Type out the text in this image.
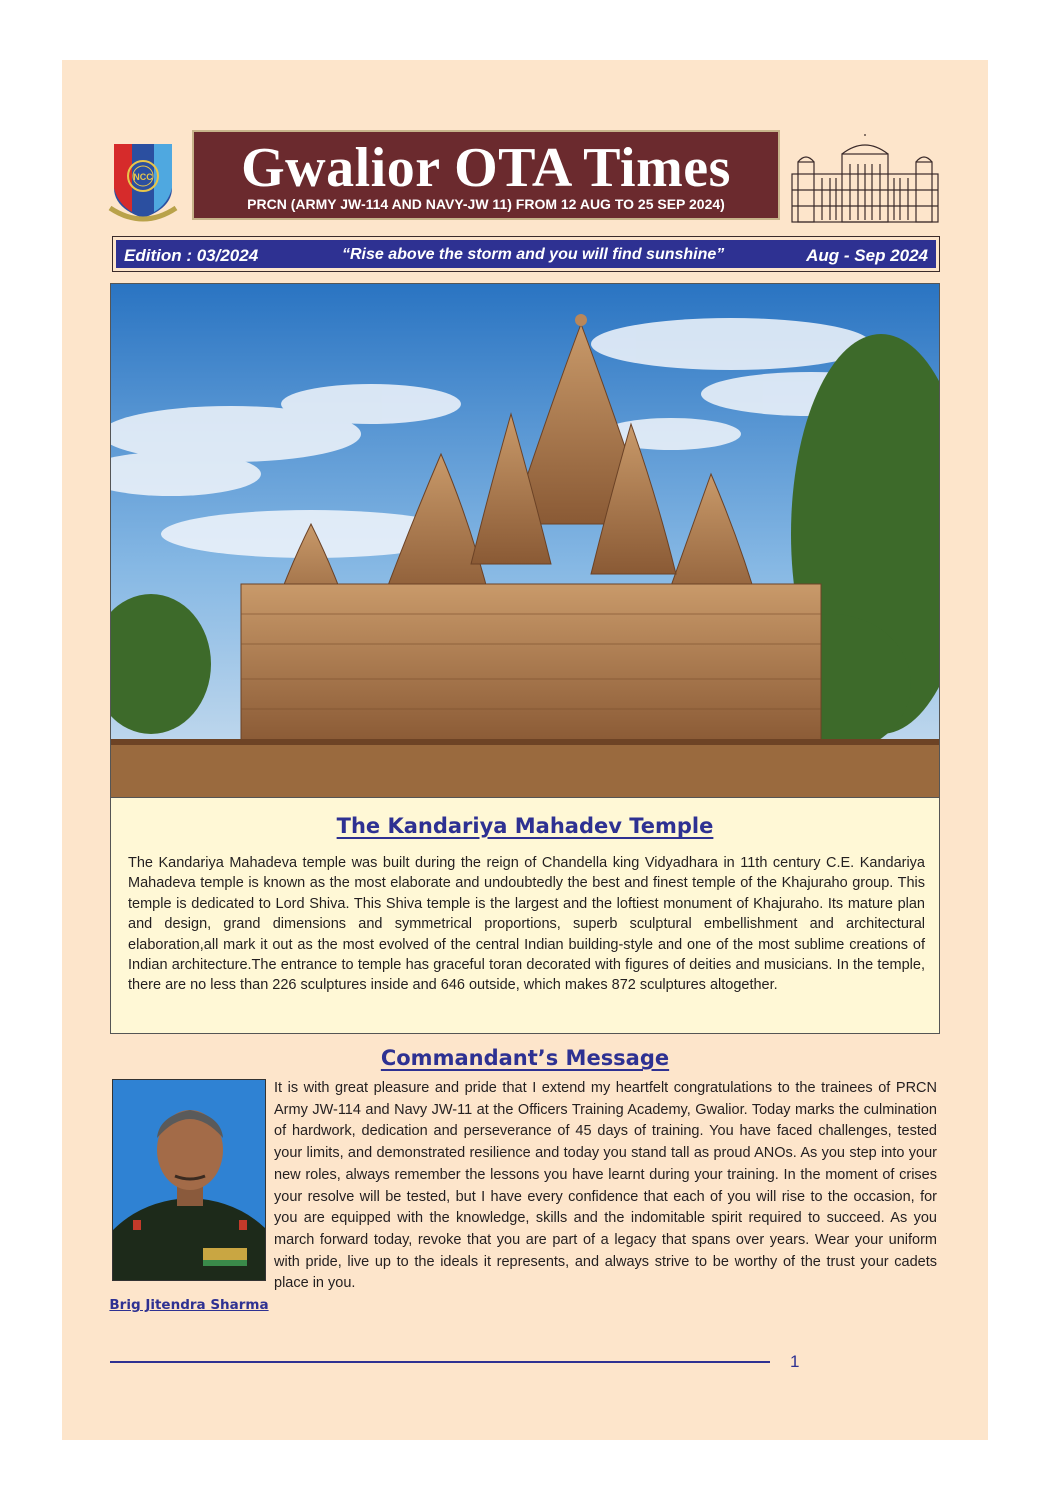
NCC	Gwalior OTA Times
PRCN (ARMY JW-114 AND NAVY-JW 11) FROM 12 AUG TO 25 SEP 2024)
Edition : 03/2024	“Rise above the storm and you will find sunshine”	Aug - Sep 2024
The Kandariya Mahadev Temple
The Kandariya Mahadeva temple was built during the reign of Chandella king Vidyadhara in 11th century C.E. Kandariya Mahadeva temple is known as the most elaborate and undoubtedly the best and finest temple of the Khajuraho group. This temple is dedicated to Lord Shiva. This Shiva temple is the largest and the loftiest monument of Khajuraho. Its mature plan and design, grand dimensions and symmetrical proportions, superb sculptural embellishment and architectural elaboration,all mark it out as the most evolved of the central Indian building-style and one of the most sublime creations of Indian architecture.The entrance to temple has graceful toran decorated with figures of deities and musicians. In the temple, there are no less than 226 sculptures inside and 646 outside, which makes 872 sculptures altogether.
Commandant’s Message
Brig Jitendra Sharma
It is with great pleasure and pride that I extend my heartfelt congratulations to the trainees of PRCN Army JW-114 and Navy JW-11 at the Officers Training Academy, Gwalior. Today marks the culmination of hardwork, dedication and perseverance of 45 days of training. You have faced challenges, tested your limits, and demonstrated resilience and today you stand tall as proud ANOs. As you step into your new roles, always remember the lessons you have learnt during your training. In the moment of crises your resolve will be tested, but I have every confidence that each of you will rise to the occasion, for you are equipped with the knowledge, skills and the indomitable spirit required to succeed. As you march forward today, revoke that you are part of a legacy that spans over years. Wear your uniform with pride, live up to the ideals it represents, and always strive to be worthy of the trust your cadets place in you.
1
